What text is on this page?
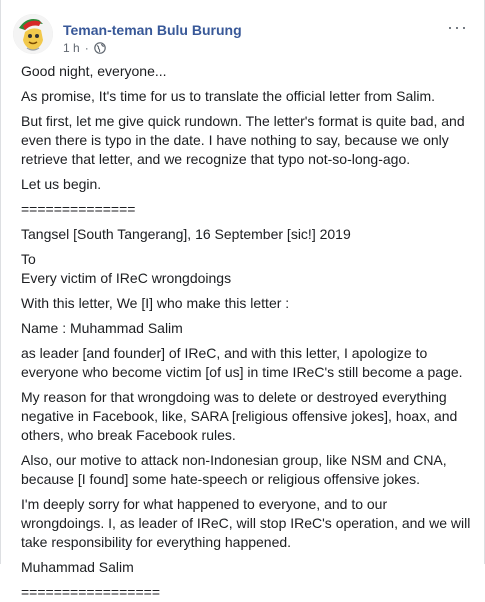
Teman-teman Bulu Burung
1 h ·
···

Good night, everyone...

As promise, It's time for us to translate the official letter from Salim.

But first, let me give quick rundown. The letter's format is quite bad, and even there is typo in the date. I have nothing to say, because we only retrieve that letter, and we recognize that typo not-so-long-ago.

Let us begin.

==============

Tangsel [South Tangerang], 16 September [sic!] 2019

To

Every victim of IReC wrongdoings

With this letter, We [I] who make this letter :

Name : Muhammad Salim

as leader [and founder] of IReC, and with this letter, I apologize to everyone who become victim [of us] in time IReC's still become a page.

My reason for that wrongdoing was to delete or destroyed everything negative in Facebook, like, SARA [religious offensive jokes], hoax, and others, who break Facebook rules.

Also, our motive to attack non-Indonesian group, like NSM and CNA, because [I found] some hate-speech or religious offensive jokes.

I'm deeply sorry for what happened to everyone, and to our wrongdoings. I, as leader of IReC, will stop IReC's operation, and we will take responsibility for everything happened.

Muhammad Salim

=================
